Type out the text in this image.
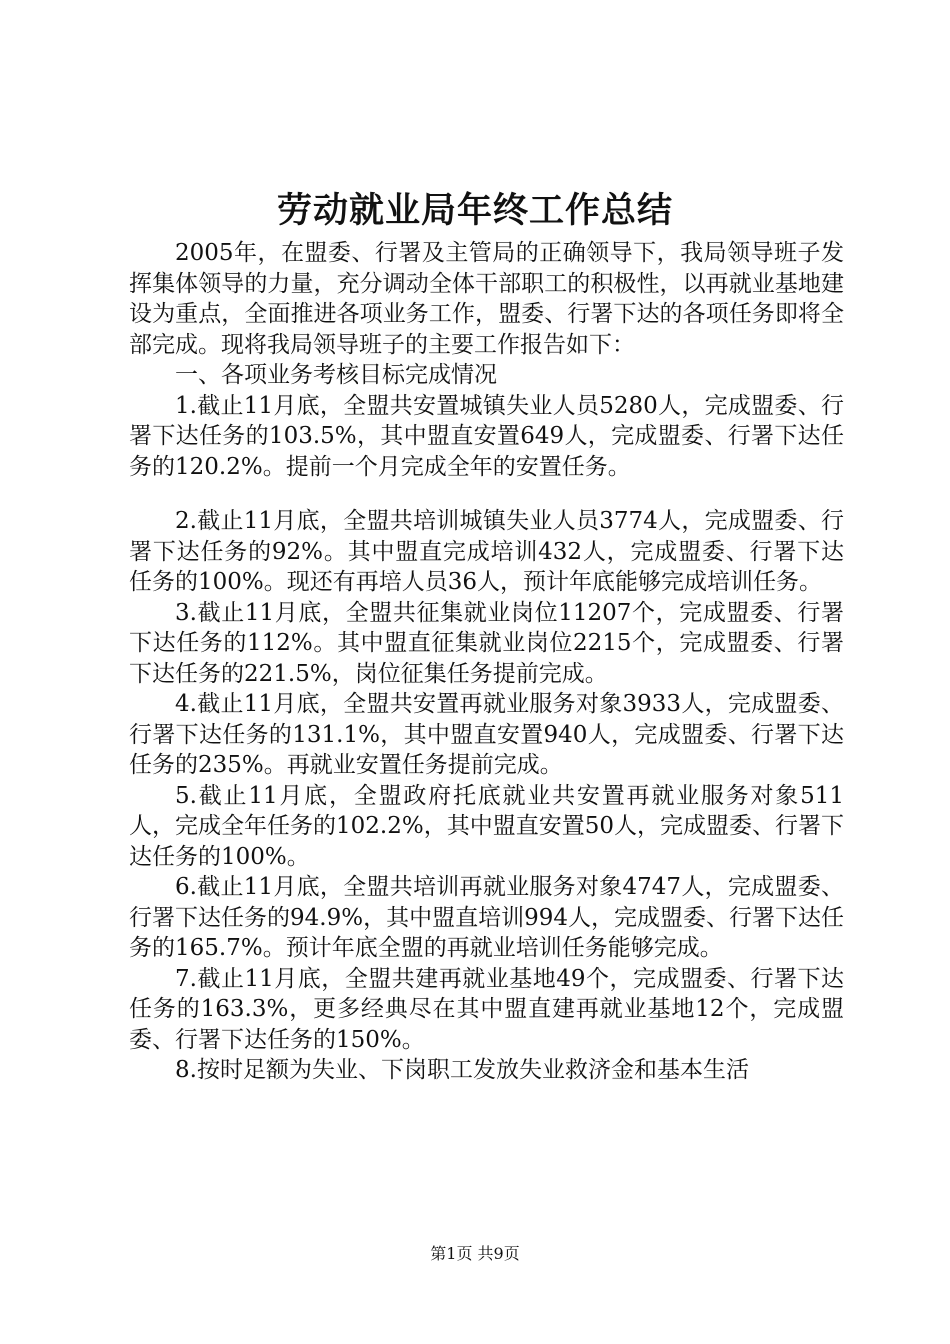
劳动就业局年终工作总结

2005年，在盟委、行署及主管局的正确领导下，我局领导班子发挥集体领导的力量，充分调动全体干部职工的积极性，以再就业基地建设为重点，全面推进各项业务工作，盟委、行署下达的各项任务即将全部完成。现将我局领导班子的主要工作报告如下：

一、各项业务考核目标完成情况

1.截止11月底，全盟共安置城镇失业人员5280人，完成盟委、行署下达任务的103.5%，其中盟直安置649人，完成盟委、行署下达任务的120.2%。提前一个月完成全年的安置任务。

2.截止11月底，全盟共培训城镇失业人员3774人，完成盟委、行署下达任务的92%。其中盟直完成培训432人，完成盟委、行署下达任务的100%。现还有再培人员36人，预计年底能够完成培训任务。

3.截止11月底，全盟共征集就业岗位11207个，完成盟委、行署下达任务的112%。其中盟直征集就业岗位2215个，完成盟委、行署下达任务的221.5%，岗位征集任务提前完成。

4.截止11月底，全盟共安置再就业服务对象3933人，完成盟委、行署下达任务的131.1%，其中盟直安置940人，完成盟委、行署下达任务的235%。再就业安置任务提前完成。

5.截止11月底，全盟政府托底就业共安置再就业服务对象511人，完成全年任务的102.2%，其中盟直安置50人，完成盟委、行署下达任务的100%。

6.截止11月底，全盟共培训再就业服务对象4747人，完成盟委、行署下达任务的94.9%，其中盟直培训994人，完成盟委、行署下达任务的165.7%。预计年底全盟的再就业培训任务能够完成。

7.截止11月底，全盟共建再就业基地49个，完成盟委、行署下达任务的163.3%，更多经典尽在其中盟直建再就业基地12个，完成盟委、行署下达任务的150%。

8.按时足额为失业、下岗职工发放失业救济金和基本生活

第1页 共9页
